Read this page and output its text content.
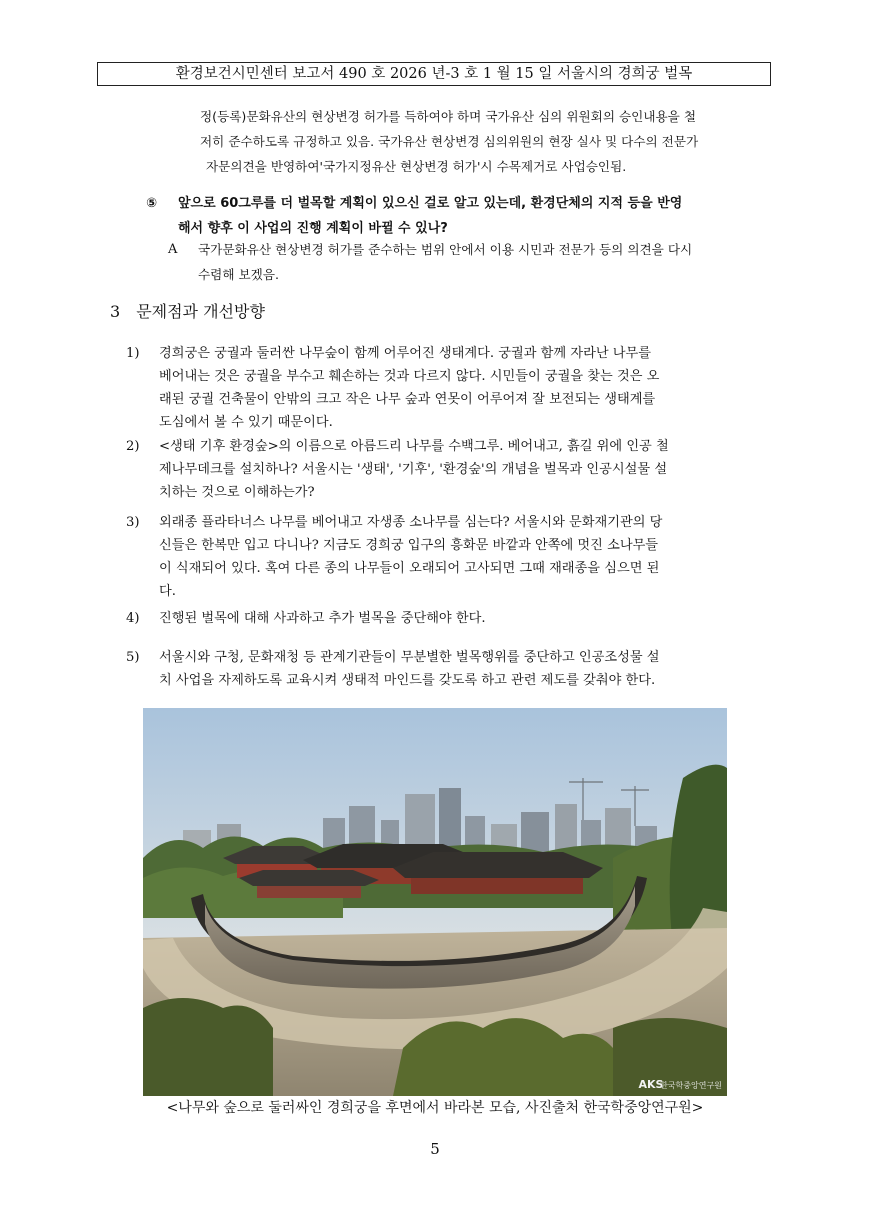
환경보건시민센터 보고서 490 호 2026 년-3 호 1 월 15 일 서울시의 경희궁 벌목
정(등록)문화유산의 현상변경 허가를 득하여야 하며 국가유산 심의 위원회의 승인내용을 철
저히 준수하도록 규정하고 있음. 국가유산 현상변경 심의위원의 현장 실사 및 다수의 전문가
자문의견을 반영하여'국가지정유산 현상변경 허가'시 수목제거로 사업승인됨.
⑤	앞으로 60그루를 더 벌목할 계획이 있으신 걸로 알고 있는데, 환경단체의 지적 등을 반영
해서 향후 이 사업의 진행 계획이 바뀔 수 있나?
A 국가문화유산 현상변경 허가를 준수하는 범위 안에서 이용 시민과 전문가 등의 의견을 다시
수렴해 보겠음.
3 문제점과 개선방향
1) 경희궁은 궁궐과 둘러싼 나무숲이 함께 어루어진 생태계다. 궁궐과 함께 자라난 나무를
베어내는 것은 궁궐을 부수고 훼손하는 것과 다르지 않다. 시민들이 궁궐을 찾는 것은 오
래된 궁궐 건축물이 안밖의 크고 작은 나무 숲과 연못이 어루어져 잘 보전되는 생태계를
도심에서 볼 수 있기 때문이다.
2) <생태 기후 환경숲>의 이름으로 아름드리 나무를 수백그루. 베어내고, 흙길 위에 인공 철
제나무데크를 설치하나? 서울시는 '생태', '기후', '환경숲'의 개념을 벌목과 인공시설물 설
치하는 것으로 이해하는가?
3) 외래종 플라타너스 나무를 베어내고 자생종 소나무를 심는다? 서울시와 문화재기관의 당
신들은 한복만 입고 다니나? 지금도 경희궁 입구의 흥화문 바깥과 안쪽에 멋진 소나무들
이 식재되어 있다. 혹여 다른 종의 나무들이 오래되어 고사되면 그때 재래종을 심으면 된
다.
4) 진행된 벌목에 대해 사과하고 추가 벌목을 중단해야 한다.
5) 서울시와 구청, 문화재청 등 관계기관들이 무분별한 벌목행위를 중단하고 인공조성물 설
치 사업을 자제하도록 교육시켜 생태적 마인드를 갖도록 하고 관련 제도를 갖춰야 한다.
한국학중앙연구원
AKS
<나무와 숲으로 둘러싸인 경희궁을 후면에서 바라본 모습, 사진출처 한국학중앙연구원>
5
